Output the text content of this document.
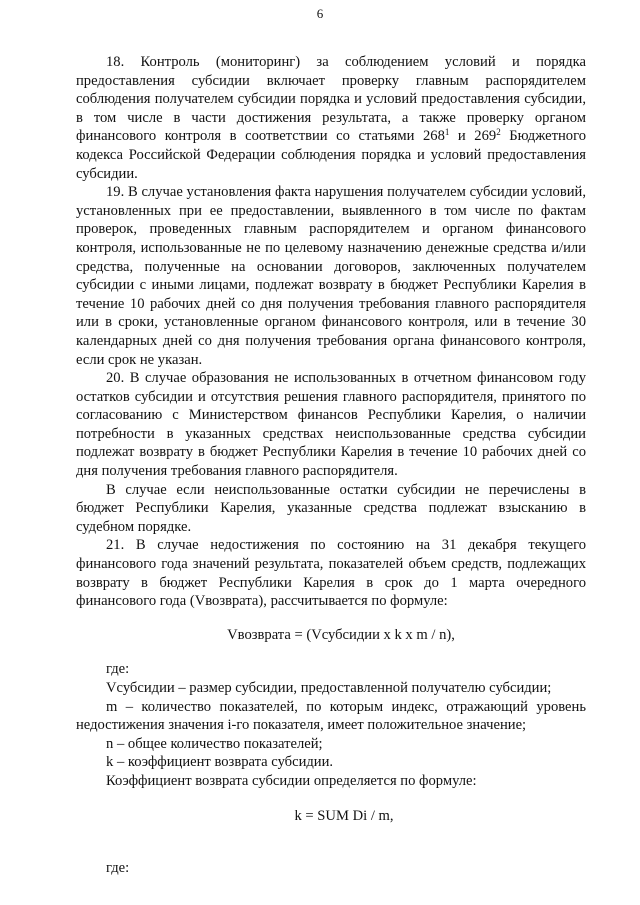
6

18. Контроль (мониторинг) за соблюдением условий и порядка предоставления субсидии включает проверку главным распорядителем соблюдения получателем субсидии порядка и условий предоставления субсидии, в том числе в части достижения результата, а также проверку органом финансового контроля в соответствии со статьями $268^1$ и $269^2$ Бюджетного кодекса Российской Федерации соблюдения порядка и условий предоставления субсидии.

19. В случае установления факта нарушения получателем субсидии условий, установленных при ее предоставлении, выявленного в том числе по фактам проверок, проведенных главным распорядителем и органом финансового контроля, использованные не по целевому назначению денежные средства и/или средства, полученные на основании договоров, заключенных получателем субсидии с иными лицами, подлежат возврату в бюджет Республики Карелия в течение 10 рабочих дней со дня получения требования главного распорядителя или в сроки, установленные органом финансового контроля, или в течение 30 календарных дней со дня получения требования органа финансового контроля, если срок не указан.

20. В случае образования не использованных в отчетном финансовом году остатков субсидии и отсутствия решения главного распорядителя, принятого по согласованию с Министерством финансов Республики Карелия, о наличии потребности в указанных средствах неиспользованные средства субсидии подлежат возврату в бюджет Республики Карелия в течение 10 рабочих дней со дня получения требования главного распорядителя.

В случае если неиспользованные остатки субсидии не перечислены в бюджет Республики Карелия, указанные средства подлежат взысканию в судебном порядке.

21. В случае недостижения по состоянию на 31 декабря текущего финансового года значений результата, показателей объем средств, подлежащих возврату в бюджет Республики Карелия в срок до 1 марта очередного финансового года (Vвозврата), рассчитывается по формуле:

Vвозврата = (Vсубсидии х k х m / n),

где:

Vсубсидии – размер субсидии, предоставленной получателю субсидии;

m – количество показателей, по которым индекс, отражающий уровень недостижения значения i-го показателя, имеет положительное значение;

n – общее количество показателей;

k – коэффициент возврата субсидии.

Коэффициент возврата субсидии определяется по формуле:

k = SUM Di / m,

где:
